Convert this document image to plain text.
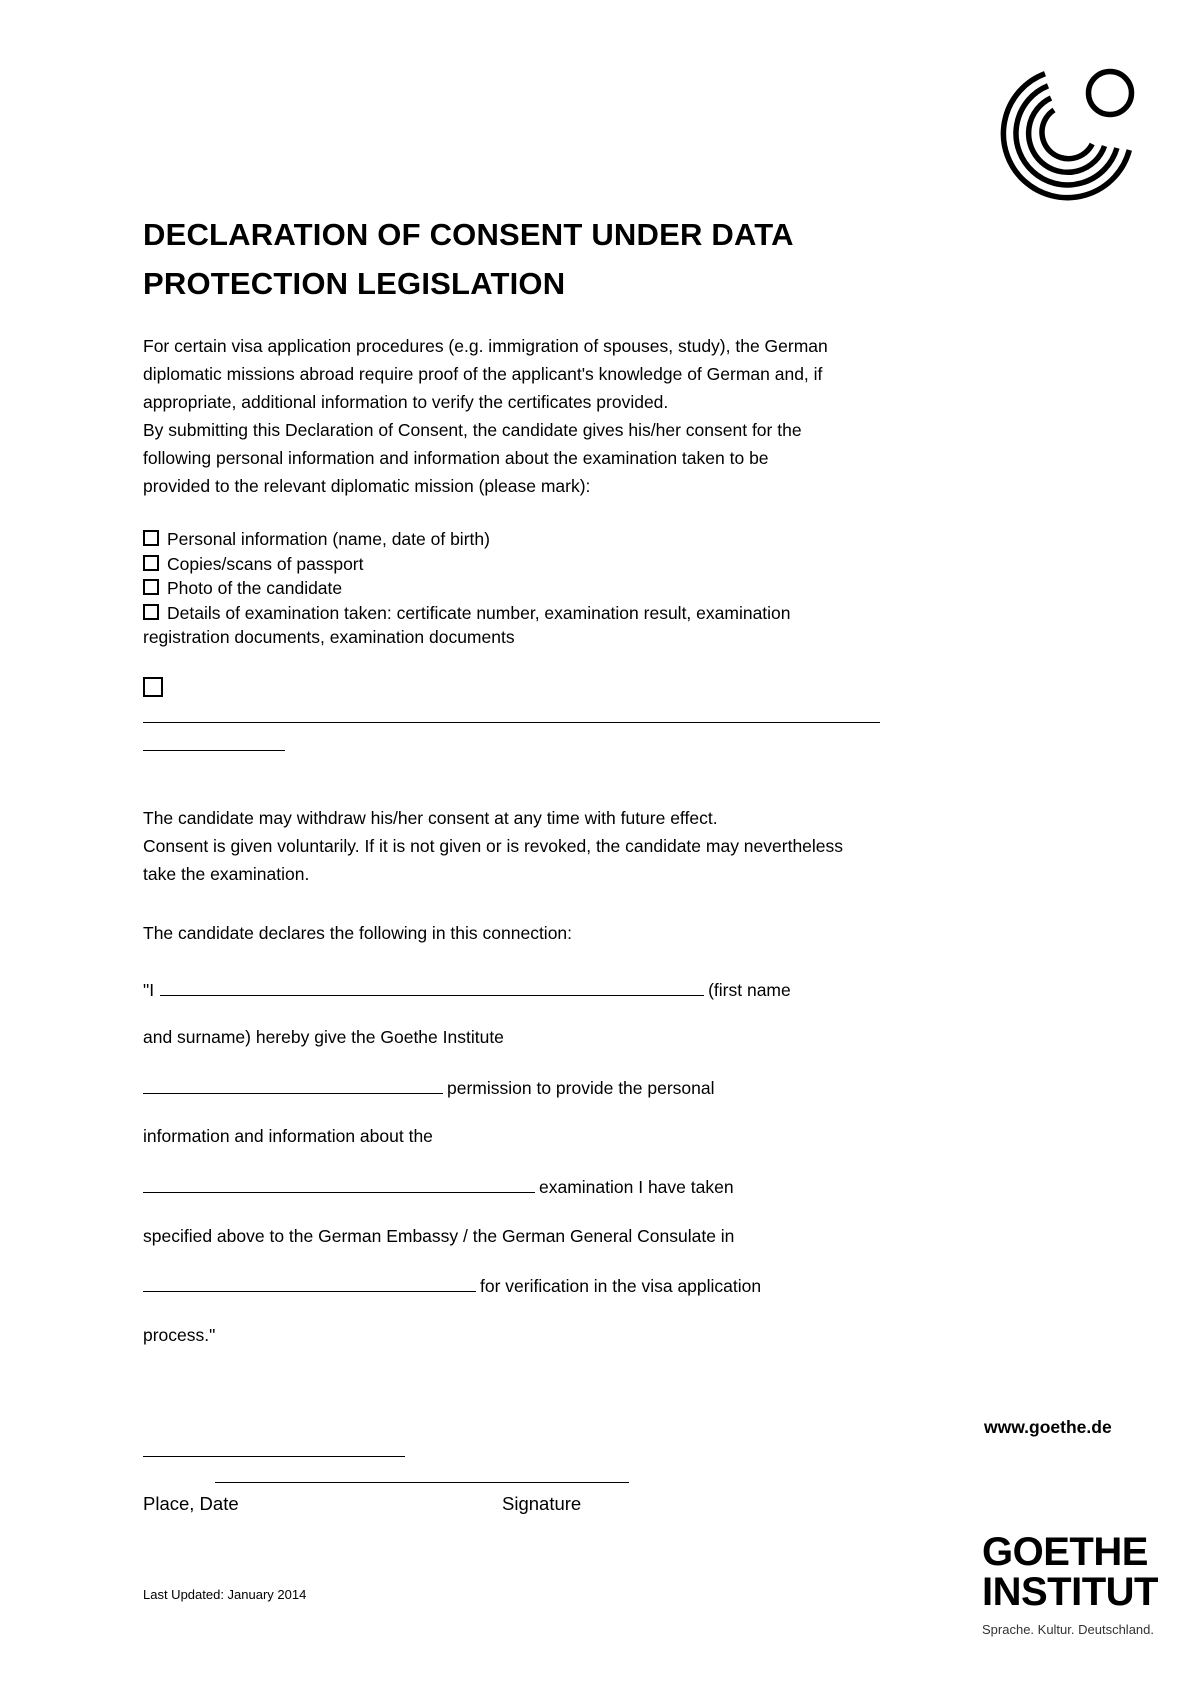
DECLARATION OF CONSENT UNDER DATA
PROTECTION LEGISLATION

For certain visa application procedures (e.g. immigration of spouses, study), the German

diplomatic missions abroad require proof of the applicant's knowledge of German and, if

appropriate, additional information to verify the certificates provided.

By submitting this Declaration of Consent, the candidate gives his/her consent for the

following personal information and information about the examination taken to be

provided to the relevant diplomatic mission (please mark):

Personal information (name, date of birth)
Copies/scans of passport
Photo of the candidate
Details of examination taken: certificate number, examination result, examination
registration documents, examination documents

The candidate may withdraw his/her consent at any time with future effect.

Consent is given voluntarily. If it is not given or is revoked, the candidate may nevertheless

take the examination.

The candidate declares the following in this connection:
"I	(first name
and surname) hereby give the Goethe Institute
permission to provide the personal
information and information about the
examination I have taken
specified above to the German Embassy / the German General Consulate in
for verification in the visa application
process."
www.goethe.de
Place, Date	Signature
Last Updated: January 2014
GOETHE
INSTITUT
Sprache. Kultur. Deutschland.
